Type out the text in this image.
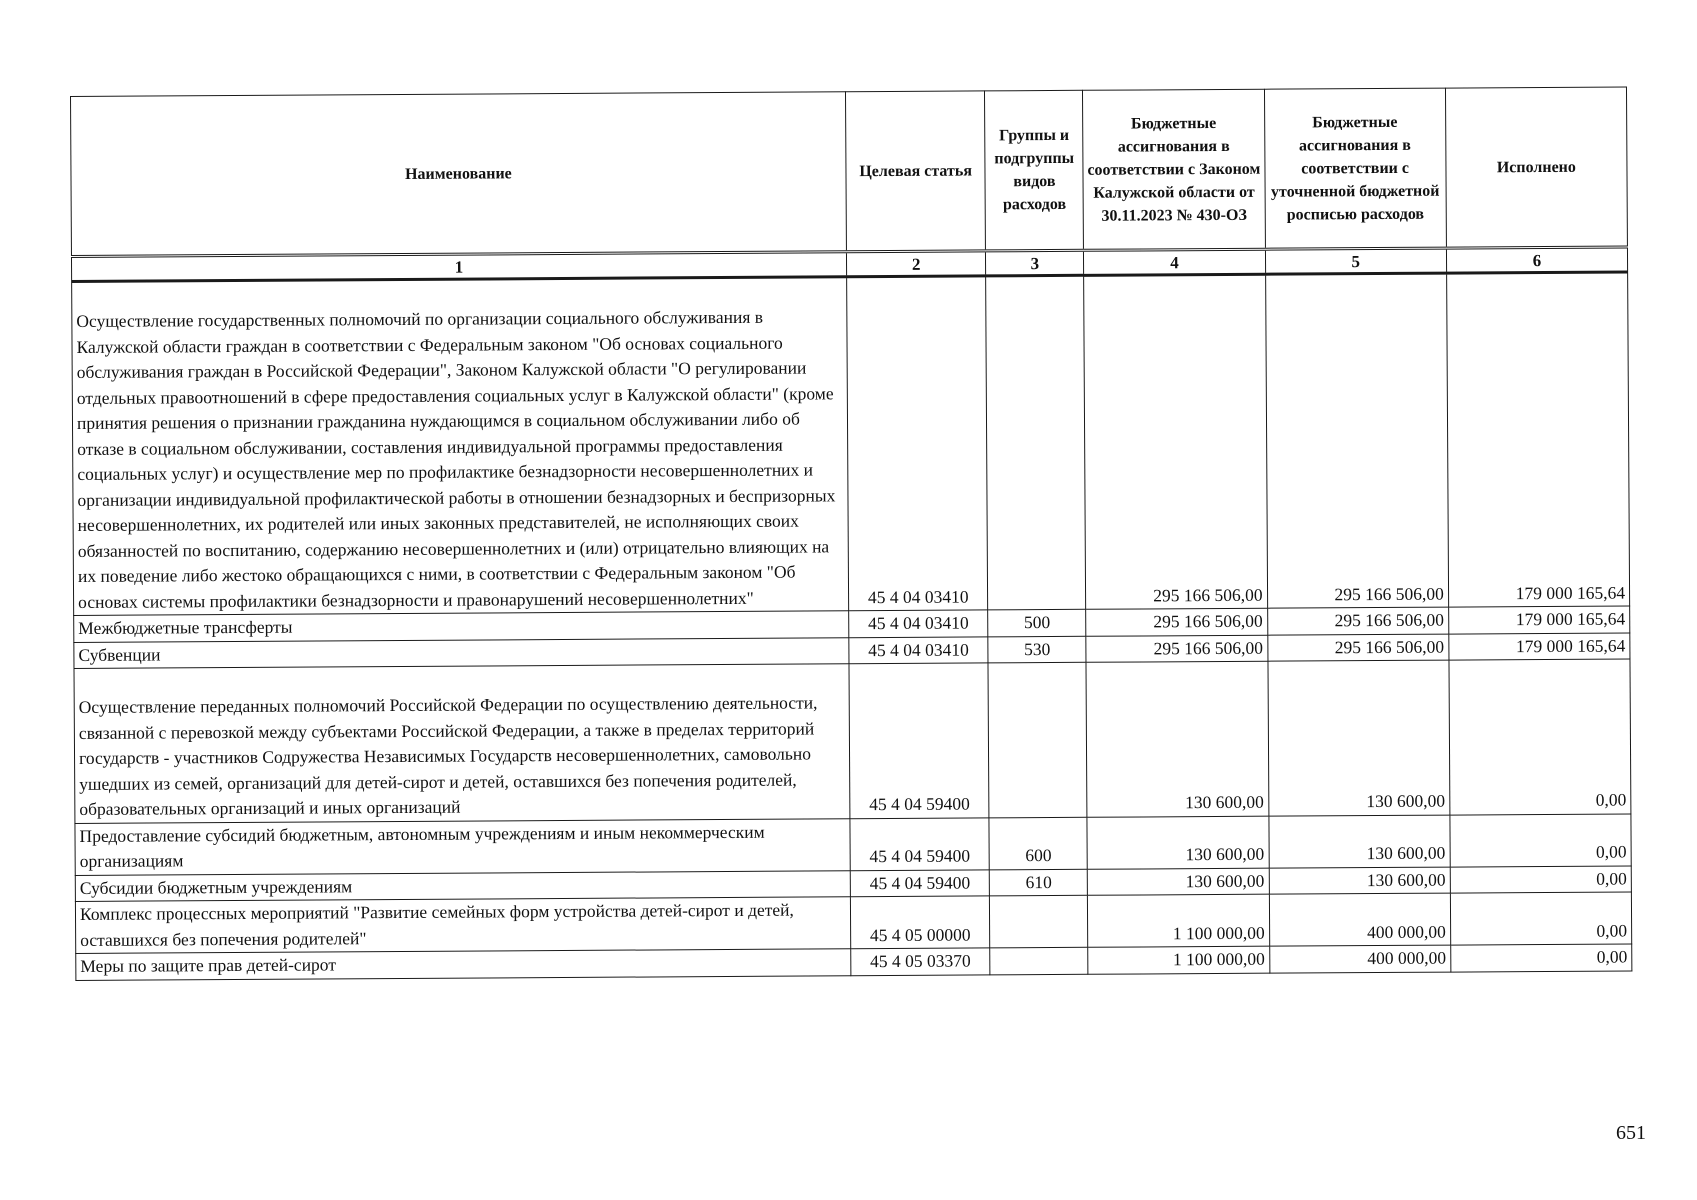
Наименование	Целевая статья	Группы и подгруппы видов расходов	Бюджетные ассигнования в соответствии с Законом Калужской области от 30.11.2023 № 430-ОЗ	Бюджетные ассигнования в соответствии с уточненной бюджетной росписью расходов	Исполнено
1	2	3	4	5	6
Осуществление государственных полномочий по организации социального обслуживания в Калужской области граждан в соответствии с Федеральным законом "Об основах социального обслуживания граждан в Российской Федерации", Законом Калужской области "О регулировании отдельных правоотношений в сфере предоставления социальных услуг в Калужской области" (кроме принятия решения о признании гражданина нуждающимся в социальном обслуживании либо об отказе в социальном обслуживании, составления индивидуальной программы предоставления социальных услуг) и осуществление мер по профилактике безнадзорности несовершеннолетних и организации индивидуальной профилактической работы в отношении безнадзорных и беспризорных несовершеннолетних, их родителей или иных законных представителей, не исполняющих своих обязанностей по воспитанию, содержанию несовершеннолетних и (или) отрицательно влияющих на их поведение либо жестоко обращающихся с ними, в соответствии с Федеральным законом "Об основах системы профилактики безнадзорности и правонарушений несовершеннолетних"	45 4 04 03410		295 166 506,00	295 166 506,00	179 000 165,64
Межбюджетные трансферты	45 4 04 03410	500	295 166 506,00	295 166 506,00	179 000 165,64
Субвенции	45 4 04 03410	530	295 166 506,00	295 166 506,00	179 000 165,64
Осуществление переданных полномочий Российской Федерации по осуществлению деятельности, связанной с перевозкой между субъектами Российской Федерации, а также в пределах территорий государств - участников Содружества Независимых Государств несовершеннолетних, самовольно ушедших из семей, организаций для детей-сирот и детей, оставшихся без попечения родителей, образовательных организаций и иных организаций	45 4 04 59400		130 600,00	130 600,00	0,00
Предоставление субсидий бюджетным, автономным учреждениям и иным некоммерческим организациям	45 4 04 59400	600	130 600,00	130 600,00	0,00
Субсидии бюджетным учреждениям	45 4 04 59400	610	130 600,00	130 600,00	0,00
Комплекс процессных мероприятий "Развитие семейных форм устройства детей-сирот и детей, оставшихся без попечения родителей"	45 4 05 00000		1 100 000,00	400 000,00	0,00
Меры по защите прав детей-сирот	45 4 05 03370		1 100 000,00	400 000,00	0,00
651
